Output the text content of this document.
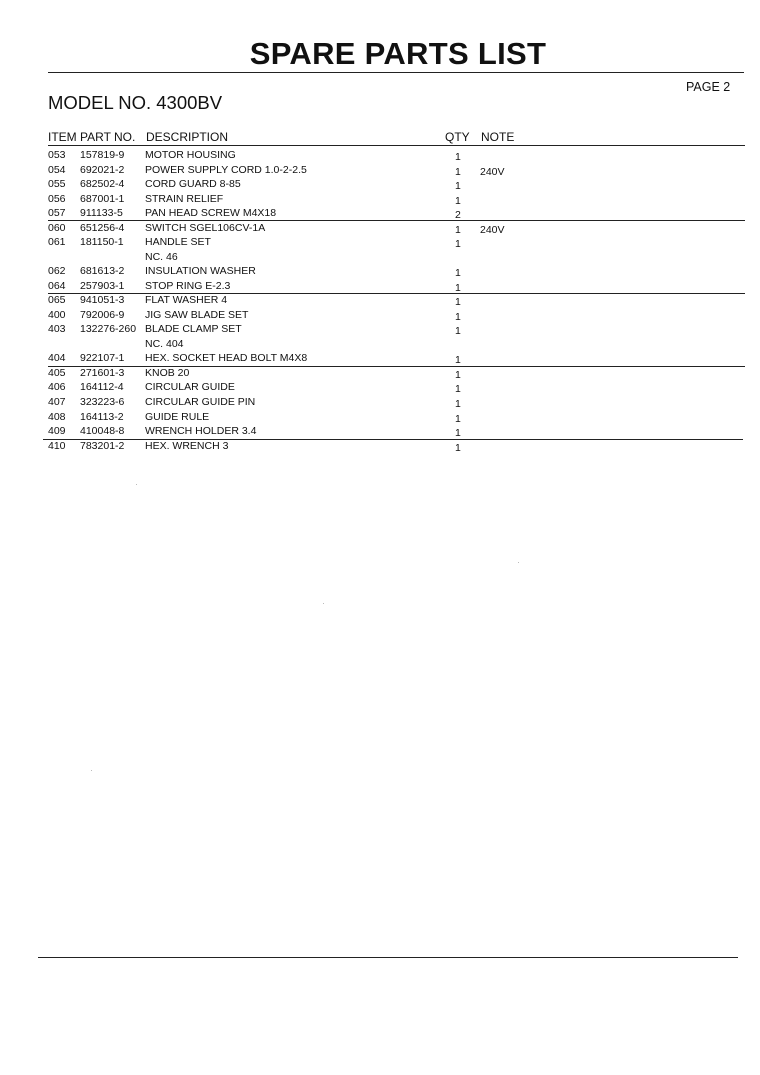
SPARE PARTS LIST
PAGE 2
MODEL NO. 4300BV
ITEM PART NO. DESCRIPTION	QTY NOTE
053 157819-9 MOTOR HOUSING	1
054 692021-2 POWER SUPPLY CORD 1.0-2-2.5	1 240V
055 682502-4 CORD GUARD 8-85	1
056 687001-1 STRAIN RELIEF	1
057 911133-5 PAN HEAD SCREW M4X18	2
060 651256-4 SWITCH SGEL106CV-1A	1 240V
061 181150-1 HANDLE SET	1
NC. 46
062 681613-2 INSULATION WASHER	1
064 257903-1 STOP RING E-2.3	1
065 941051-3 FLAT WASHER 4	1
400 792006-9 JIG SAW BLADE SET	1
403 132276-260 BLADE CLAMP SET	1
NC. 404
404 922107-1 HEX. SOCKET HEAD BOLT M4X8	1
405 271601-3 KNOB 20	1
406 164112-4 CIRCULAR GUIDE	1
407 323223-6 CIRCULAR GUIDE PIN	1
408 164113-2 GUIDE RULE	1
409 410048-8 WRENCH HOLDER 3.4	1
410 783201-2 HEX. WRENCH 3	1
